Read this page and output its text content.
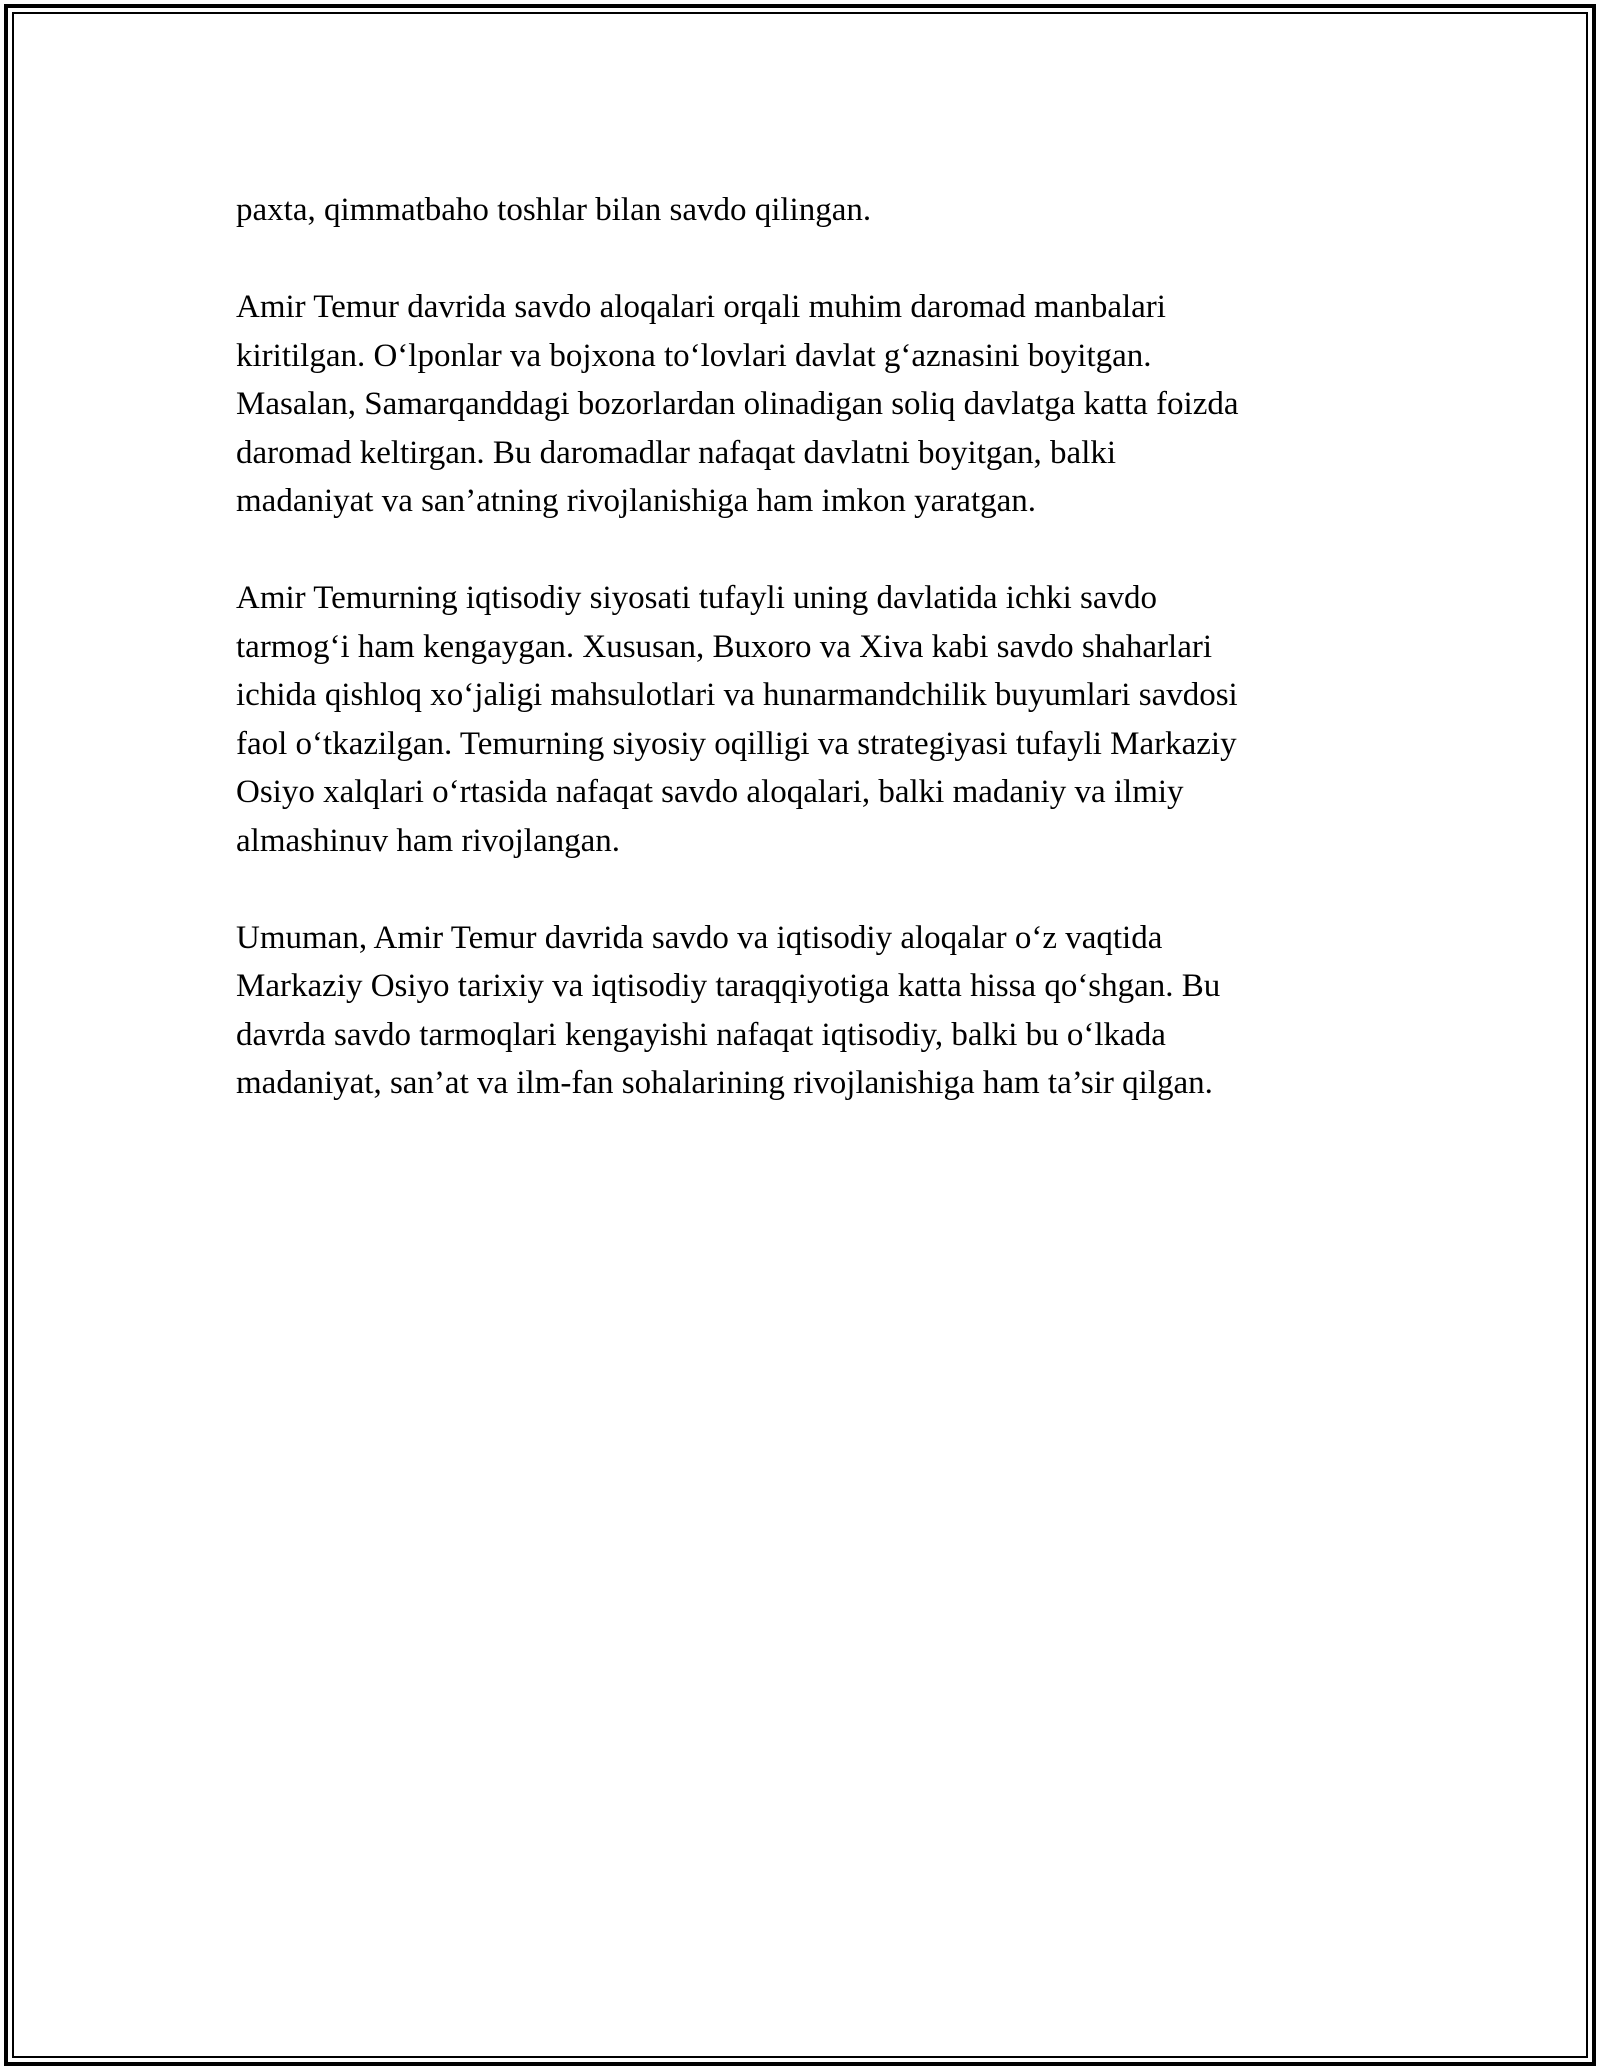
paxta, qimmatbaho toshlar bilan savdo qilingan.

Amir Temur davrida savdo aloqalari orqali muhim daromad manbalari
kiritilgan. O‘lponlar va bojxona to‘lovlari davlat g‘aznasini boyitgan.
Masalan, Samarqanddagi bozorlardan olinadigan soliq davlatga katta foizda
daromad keltirgan. Bu daromadlar nafaqat davlatni boyitgan, balki
madaniyat va san’atning rivojlanishiga ham imkon yaratgan.

Amir Temurning iqtisodiy siyosati tufayli uning davlatida ichki savdo
tarmog‘i ham kengaygan. Xususan, Buxoro va Xiva kabi savdo shaharlari
ichida qishloq xo‘jaligi mahsulotlari va hunarmandchilik buyumlari savdosi
faol o‘tkazilgan. Temurning siyosiy oqilligi va strategiyasi tufayli Markaziy
Osiyo xalqlari o‘rtasida nafaqat savdo aloqalari, balki madaniy va ilmiy
almashinuv ham rivojlangan.

Umuman, Amir Temur davrida savdo va iqtisodiy aloqalar o‘z vaqtida
Markaziy Osiyo tarixiy va iqtisodiy taraqqiyotiga katta hissa qo‘shgan. Bu
davrda savdo tarmoqlari kengayishi nafaqat iqtisodiy, balki bu o‘lkada
madaniyat, san’at va ilm-fan sohalarining rivojlanishiga ham ta’sir qilgan.
